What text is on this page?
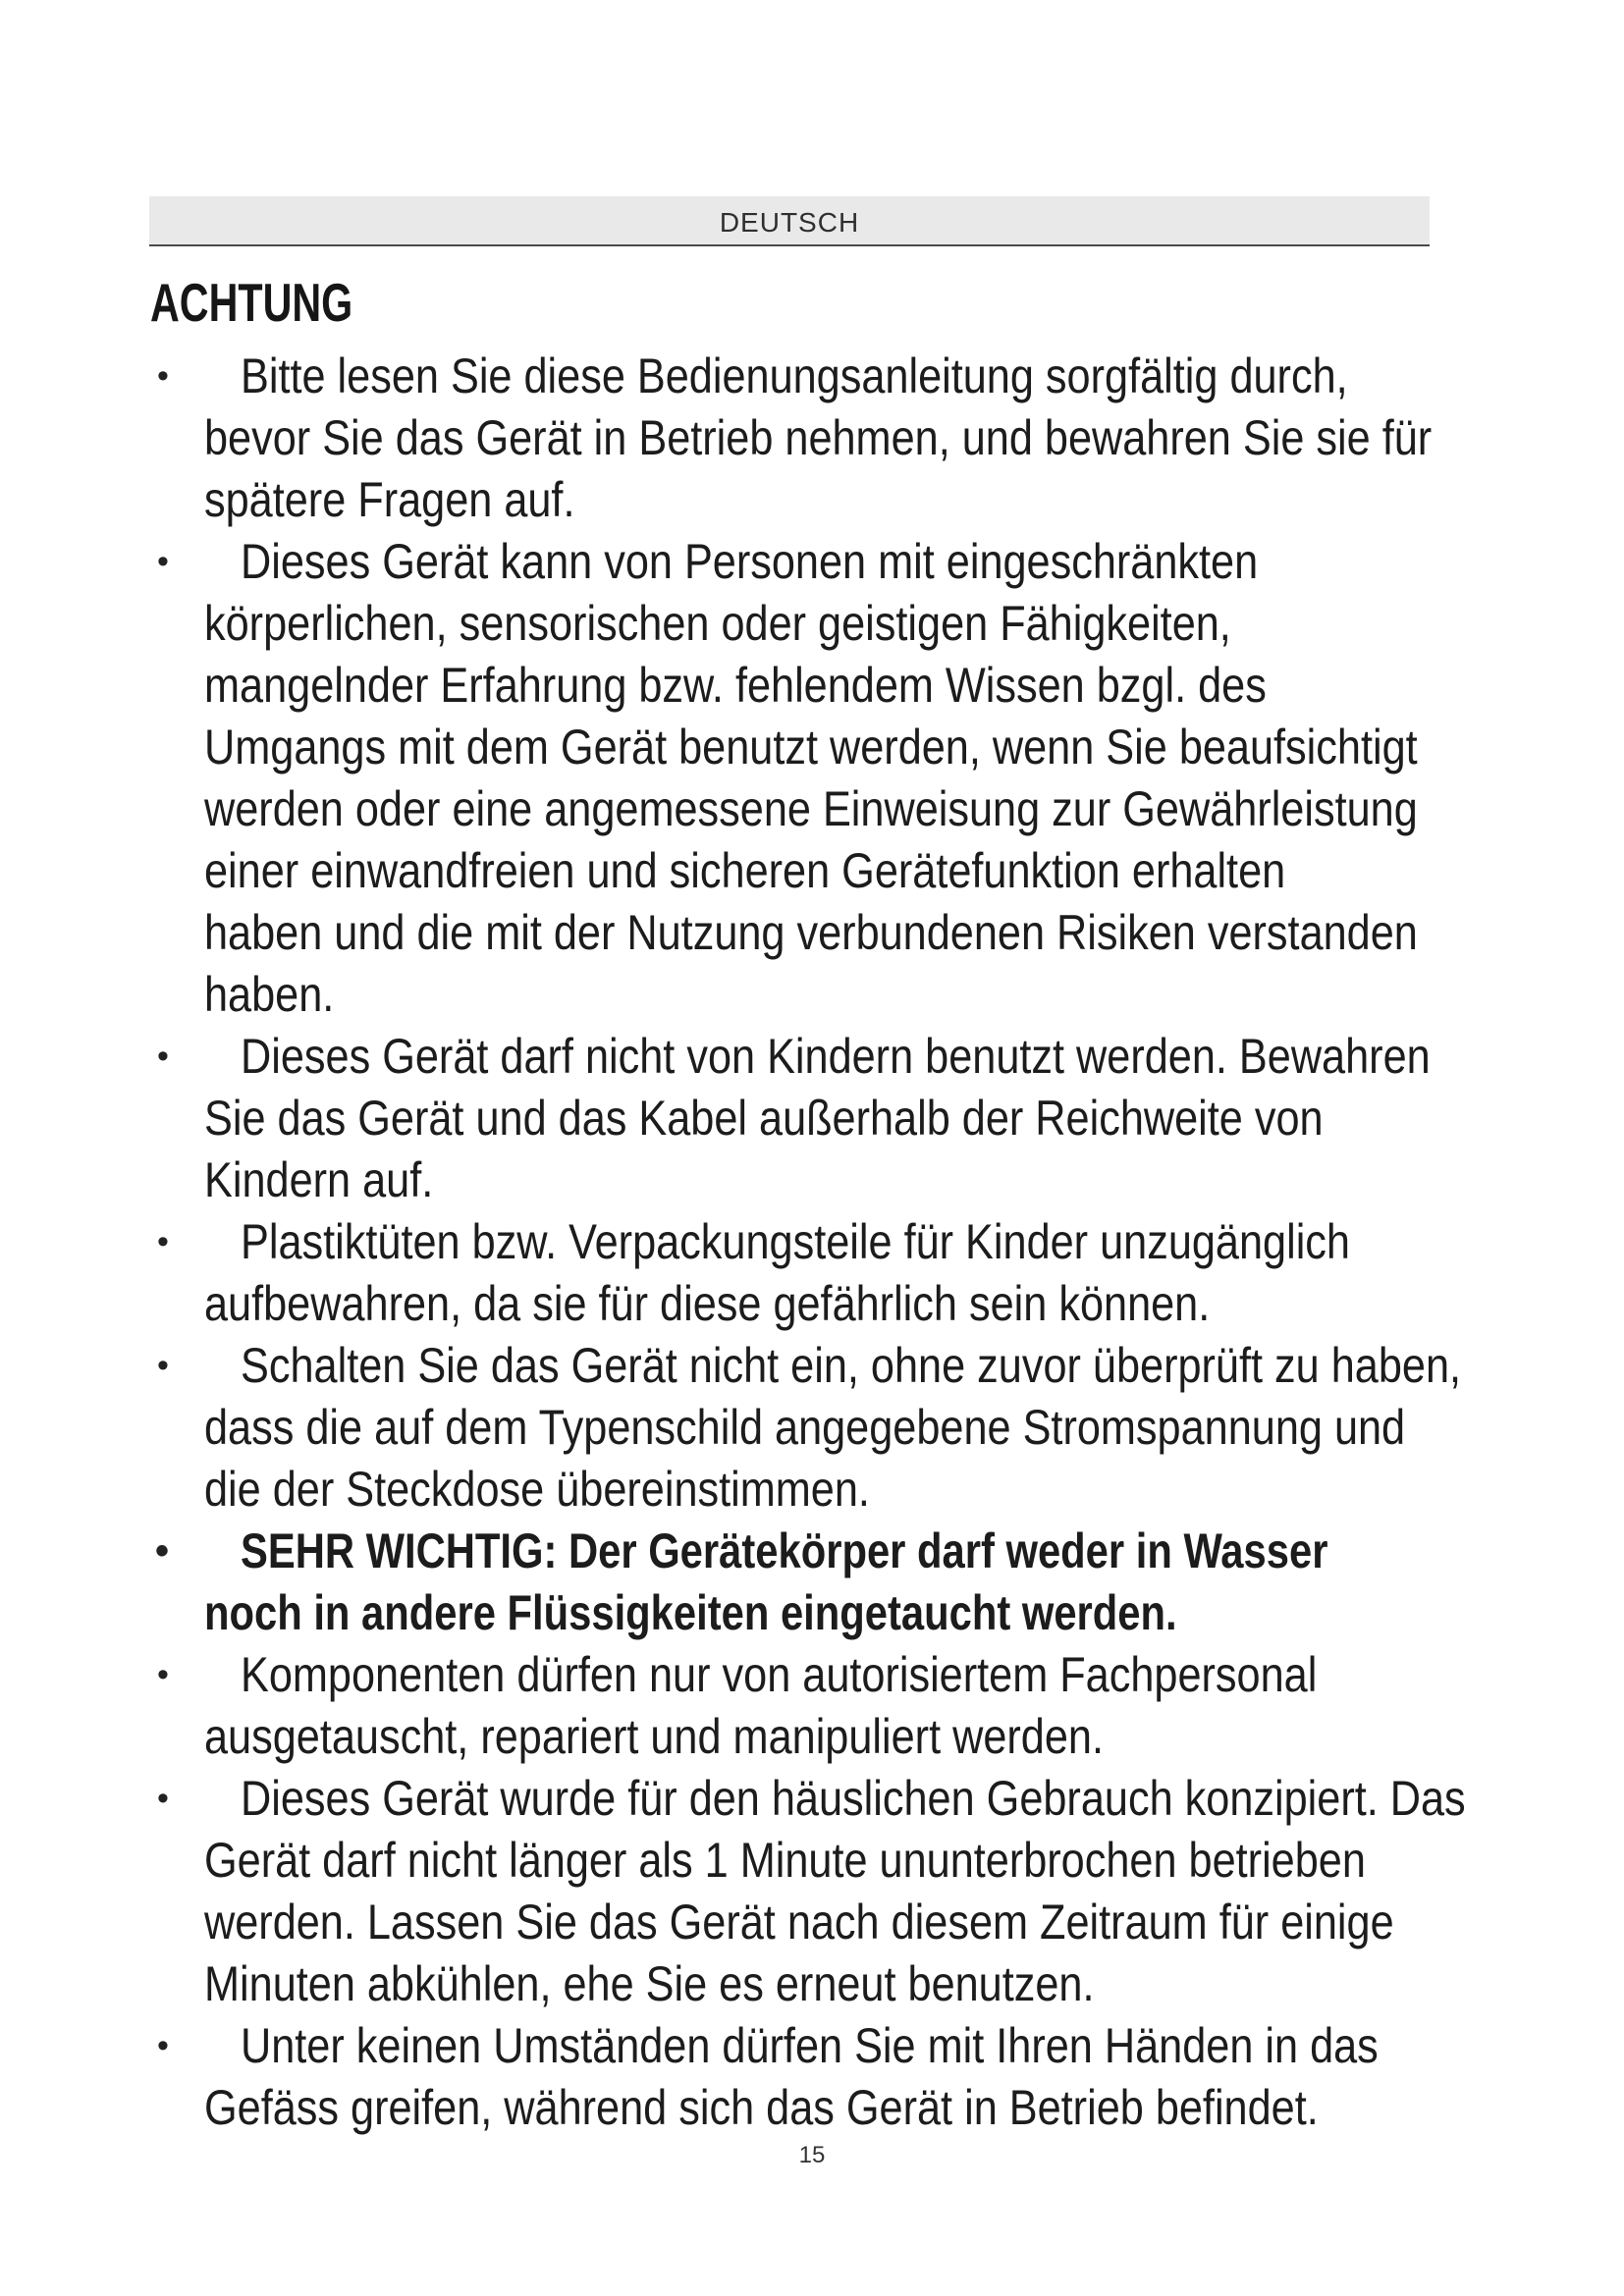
DEUTSCH
ACHTUNG
• Bitte lesen Sie diese Bedienungsanleitung sorgfältig durch,
bevor Sie das Gerät in Betrieb nehmen, und bewahren Sie sie für
spätere Fragen auf.
• Dieses Gerät kann von Personen mit eingeschränkten
körperlichen, sensorischen oder geistigen Fähigkeiten,
mangelnder Erfahrung bzw. fehlendem Wissen bzgl. des
Umgangs mit dem Gerät benutzt werden, wenn Sie beaufsichtigt
werden oder eine angemessene Einweisung zur Gewährleistung
einer einwandfreien und sicheren Gerätefunktion erhalten
haben und die mit der Nutzung verbundenen Risiken verstanden
haben.
• Dieses Gerät darf nicht von Kindern benutzt werden. Bewahren
Sie das Gerät und das Kabel außerhalb der Reichweite von
Kindern auf.
• Plastiktüten bzw. Verpackungsteile für Kinder unzugänglich
aufbewahren, da sie für diese gefährlich sein können.
• Schalten Sie das Gerät nicht ein, ohne zuvor überprüft zu haben,
dass die auf dem Typenschild angegebene Stromspannung und
die der Steckdose übereinstimmen.
• SEHR WICHTIG: Der Gerätekörper darf weder in Wasser
noch in andere Flüssigkeiten eingetaucht werden.
• Komponenten dürfen nur von autorisiertem Fachpersonal
ausgetauscht, repariert und manipuliert werden.
• Dieses Gerät wurde für den häuslichen Gebrauch konzipiert. Das
Gerät darf nicht länger als 1 Minute ununterbrochen betrieben
werden. Lassen Sie das Gerät nach diesem Zeitraum für einige
Minuten abkühlen, ehe Sie es erneut benutzen.
• Unter keinen Umständen dürfen Sie mit Ihren Händen in das
Gefäss greifen, während sich das Gerät in Betrieb befindet.
15
